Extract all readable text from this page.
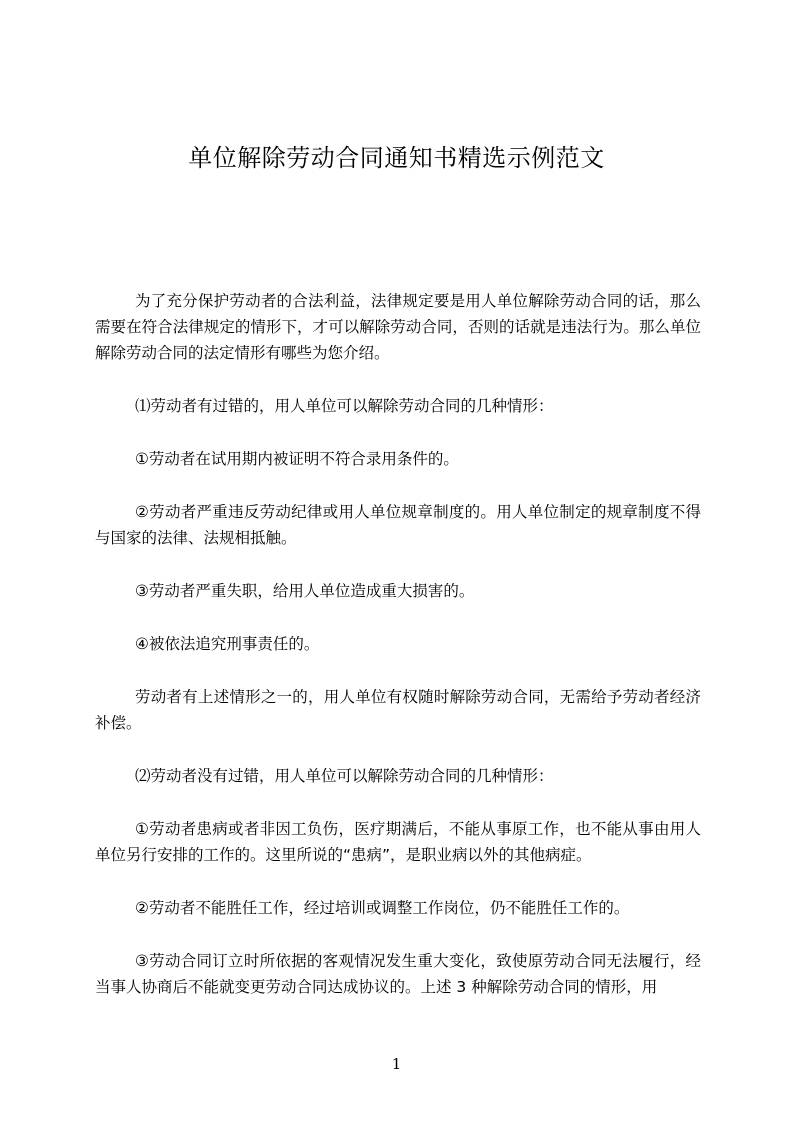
单位解除劳动合同通知书精选示例范文

为了充分保护劳动者的合法利益，法律规定要是用人单位解除劳动合同的话，那么需要在符合法律规定的情形下，才可以解除劳动合同，否则的话就是违法行为。那么单位解除劳动合同的法定情形有哪些为您介绍。

⑴劳动者有过错的，用人单位可以解除劳动合同的几种情形：

①劳动者在试用期内被证明不符合录用条件的。

②劳动者严重违反劳动纪律或用人单位规章制度的。用人单位制定的规章制度不得与国家的法律、法规相抵触。

③劳动者严重失职，给用人单位造成重大损害的。

④被依法追究刑事责任的。

劳动者有上述情形之一的，用人单位有权随时解除劳动合同，无需给予劳动者经济补偿。

⑵劳动者没有过错，用人单位可以解除劳动合同的几种情形：

①劳动者患病或者非因工负伤，医疗期满后，不能从事原工作，也不能从事由用人单位另行安排的工作的。这里所说的“患病”，是职业病以外的其他病症。

②劳动者不能胜任工作，经过培训或调整工作岗位，仍不能胜任工作的。

③劳动合同订立时所依据的客观情况发生重大变化，致使原劳动合同无法履行，经当事人协商后不能就变更劳动合同达成协议的。上述 3 种解除劳动合同的情形，用

1
